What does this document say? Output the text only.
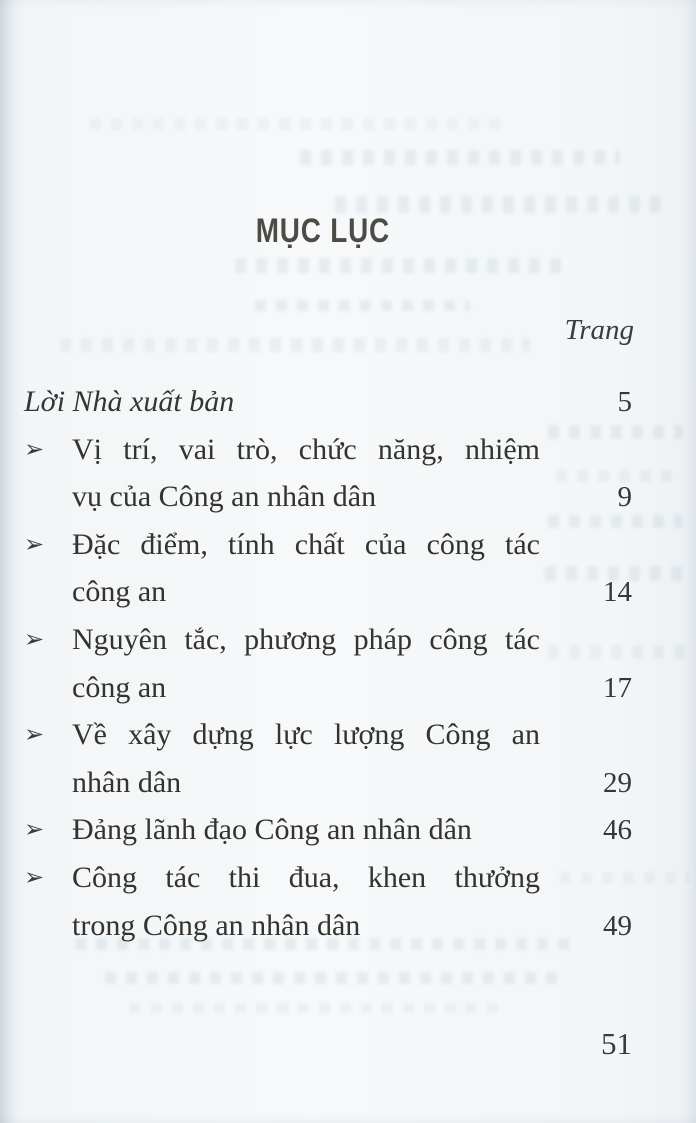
MỤC LỤC
Trang
Lời Nhà xuất bản	5
➢ Vị trí, vai trò, chức năng, nhiệm
vụ của Công an nhân dân	9
➢ Đặc điểm, tính chất của công tác
công an	14
➢ Nguyên tắc, phương pháp công tác
công an	17
➢ Về xây dựng lực lượng Công an
nhân dân	29
➢ Đảng lãnh đạo Công an nhân dân	46
➢ Công tác thi đua, khen thưởng
trong Công an nhân dân	49
51
